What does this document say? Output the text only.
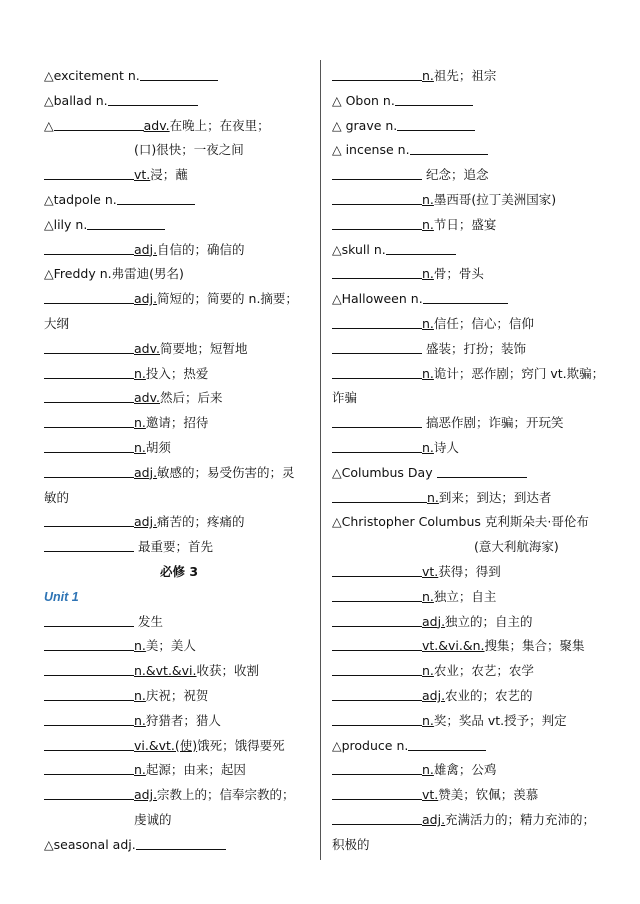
△excitement n.
△ballad n.
△	adv.在晚上；在夜里；
(口)很快；一夜之间
vt.浸；蘸
△tadpole n.
△lily n.
adj.自信的；确信的
△Freddy n.弗雷迪(男名)
adj.简短的；简要的 n.摘要；
大纲
adv.简要地；短暂地
n.投入；热爱
adv.然后；后来
n.邀请；招待
n.胡须
adj.敏感的；易受伤害的；灵
敏的
adj.痛苦的；疼痛的
最重要；首先
必修 3
Unit 1
发生
n.美；美人
n.&vt.&vi.收获；收割
n.庆祝；祝贺
n.狩猎者；猎人
vi.&vt.(使)饿死；饿得要死
n.起源；由来；起因
adj.宗教上的；信奉宗教的；
虔诚的
△seasonal adj.
n.祖先；祖宗
△ Obon n.
△ grave n.
△ incense n.
纪念；追念
n.墨西哥(拉丁美洲国家)
n.节日；盛宴
△skull n.
n.骨；骨头
△Halloween n.
n.信任；信心；信仰
盛装；打扮；装饰
n.诡计；恶作剧；窍门 vt.欺骗；
诈骗
搞恶作剧；诈骗；开玩笑
n.诗人
△Columbus Day
n.到来；到达；到达者
△Christopher Columbus 克利斯朵夫·哥伦布
(意大利航海家)
vt.获得；得到
n.独立；自主
adj.独立的；自主的
vt.&vi.&n.搜集；集合；聚集
n.农业；农艺；农学
adj.农业的；农艺的
n.奖；奖品 vt.授予；判定
△produce n.
n.雄禽；公鸡
vt.赞美；钦佩；羡慕
adj.充满活力的；精力充沛的；
积极的
